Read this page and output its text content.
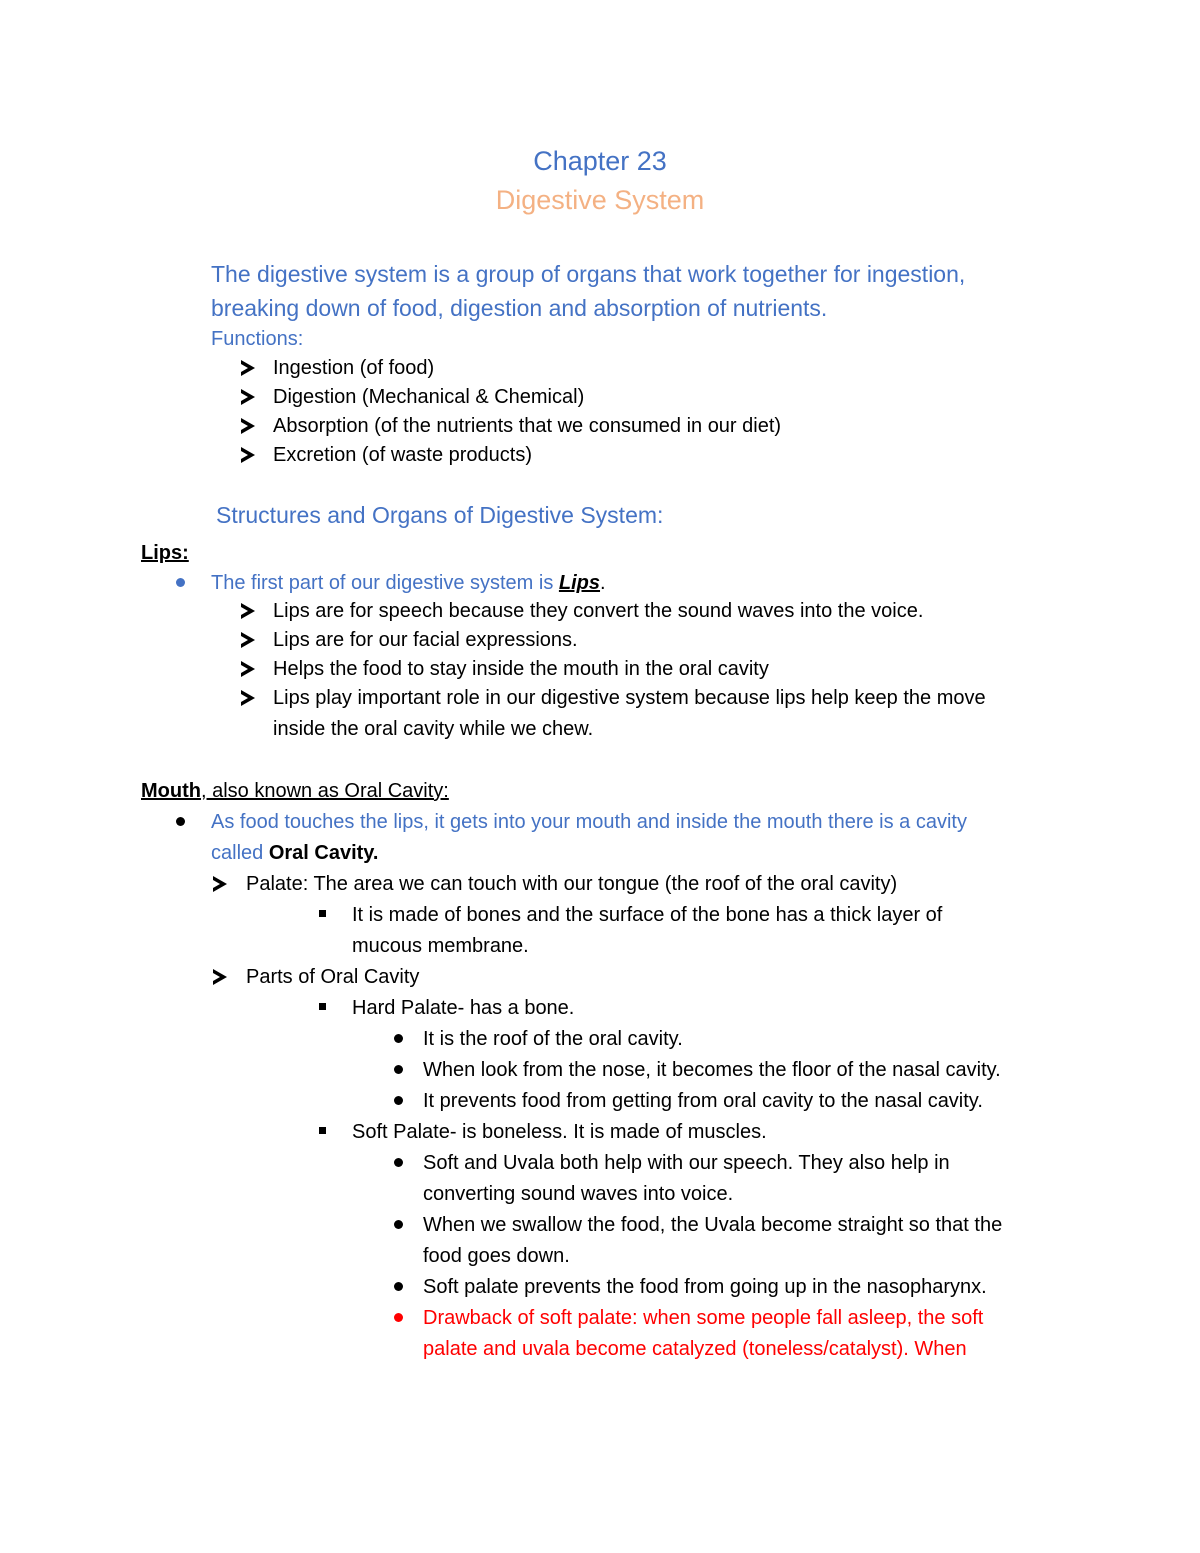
Chapter 23
Digestive System
The digestive system is a group of organs that work together for ingestion,
breaking down of food, digestion and absorption of nutrients.
Functions:
Ingestion (of food)
Digestion (Mechanical & Chemical)
Absorption (of the nutrients that we consumed in our diet)
Excretion (of waste products)
Structures and Organs of Digestive System:
Lips:
The first part of our digestive system is Lips.
Lips are for speech because they convert the sound waves into the voice.
Lips are for our facial expressions.
Helps the food to stay inside the mouth in the oral cavity
Lips play important role in our digestive system because lips help keep the move
inside the oral cavity while we chew.
Mouth, also known as Oral Cavity:
As food touches the lips, it gets into your mouth and inside the mouth there is a cavity
called Oral Cavity.
Palate: The area we can touch with our tongue (the roof of the oral cavity)
It is made of bones and the surface of the bone has a thick layer of
mucous membrane.
Parts of Oral Cavity
Hard Palate- has a bone.
It is the roof of the oral cavity.
When look from the nose, it becomes the floor of the nasal cavity.
It prevents food from getting from oral cavity to the nasal cavity.
Soft Palate- is boneless. It is made of muscles.
Soft and Uvala both help with our speech. They also help in
converting sound waves into voice.
When we swallow the food, the Uvala become straight so that the
food goes down.
Soft palate prevents the food from going up in the nasopharynx.
Drawback of soft palate: when some people fall asleep, the soft
palate and uvala become catalyzed (toneless/catalyst). When
